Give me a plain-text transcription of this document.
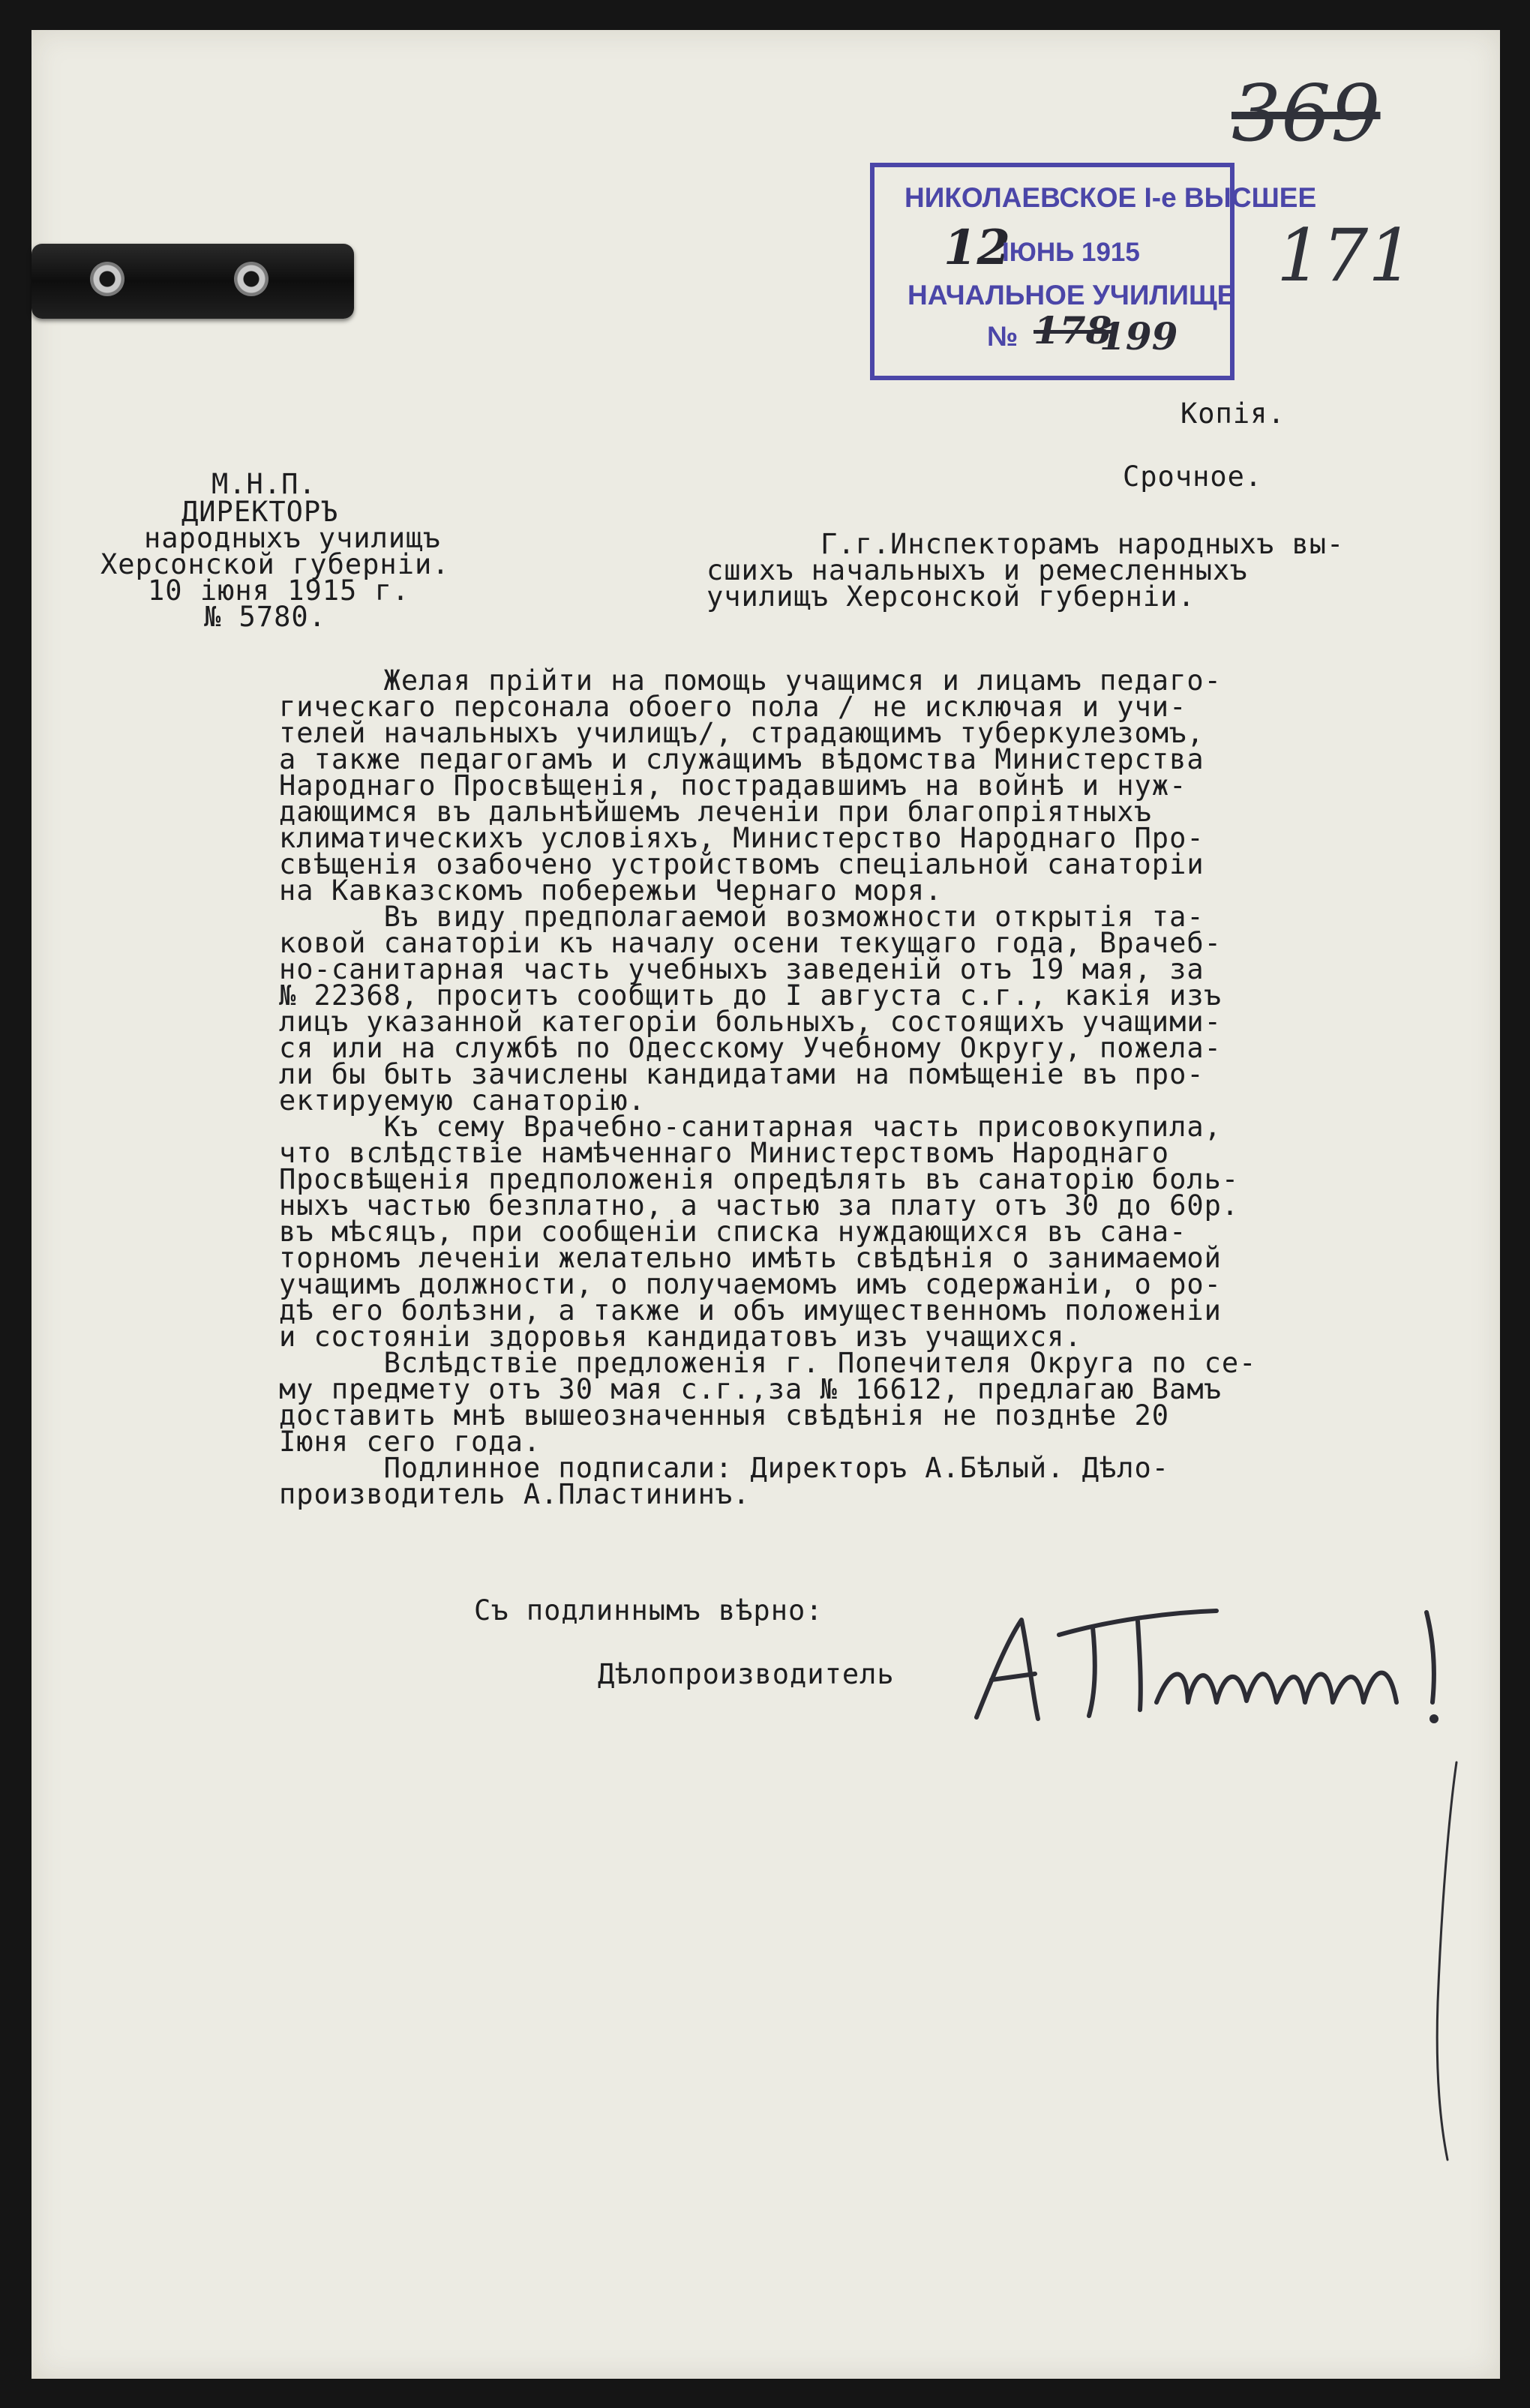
НИКОЛАЕВСКОЕ І-е ВЫСШЕЕ
12
ІЮНЬ 1915
НАЧАЛЬНОЕ УЧИЛИЩЕ
№ 178
199
369
171
Копія.
Срочное.
М.Н.П.
ДИРЕКТОРЪ
народныхъ училищъ
Херсонской губерніи.
10 іюня 1915 г.
№ 5780.
Г.г.Инспекторамъ народныхъ вы-
сшихъ начальныхъ и ремесленныхъ
училищъ Херсонской губерніи.
Желая прійти на помощь учащимся и лицамъ педаго-
гическаго персонала обоего пола / не исключая и учи-
телей начальныхъ училищъ/, страдающимъ туберкулезомъ,
а также педагогамъ и служащимъ вѣдомства Министерства
Народнаго Просвѣщенія, пострадавшимъ на войнѣ и нуж-
дающимся въ дальнѣйшемъ леченіи при благопріятныхъ
климатическихъ условіяхъ, Министерство Народнаго Про-
свѣщенія озабочено устройствомъ спеціальной санаторіи
на Кавказскомъ побережьи Чернаго моря.
Въ виду предполагаемой возможности открытія та-
ковой санаторіи къ началу осени текущаго года, Врачеб-
но-санитарная часть учебныхъ заведеній отъ 19 мая, за
№ 22368, проситъ сообщить до I августа с.г., какія изъ
лицъ указанной категоріи больныхъ, состоящихъ учащими-
ся или на службѣ по Одесскому Учебному Округу, пожела-
ли бы быть зачислены кандидатами на помѣщеніе въ про-
ектируемую санаторію.
Къ сему Врачебно-санитарная часть присовокупила,
что вслѣдствіе намѣченнаго Министерствомъ Народнаго
Просвѣщенія предположенія опредѣлять въ санаторію боль-
ныхъ частью безплатно, а частью за плату отъ 30 до 60р.
въ мѣсяцъ, при сообщеніи списка нуждающихся въ сана-
торномъ леченіи желательно имѣть свѣдѣнія о занимаемой
учащимъ должности, о получаемомъ имъ содержаніи, о ро-
дѣ его болѣзни, а также и объ имущественномъ положеніи
и состояніи здоровья кандидатовъ изъ учащихся.
Вслѣдствіе предложенія г. Попечителя Округа по се-
му предмету отъ 30 мая с.г.,за № 16612, предлагаю Вамъ
доставить мнѣ вышеозначенныя свѣдѣнія не позднѣе 20
Іюня сего года.
Подлинное подписали: Директоръ А.Бѣлый. Дѣло-
производитель А.Пластининъ.
Съ подлиннымъ вѣрно:
Дѣлопроизводитель
